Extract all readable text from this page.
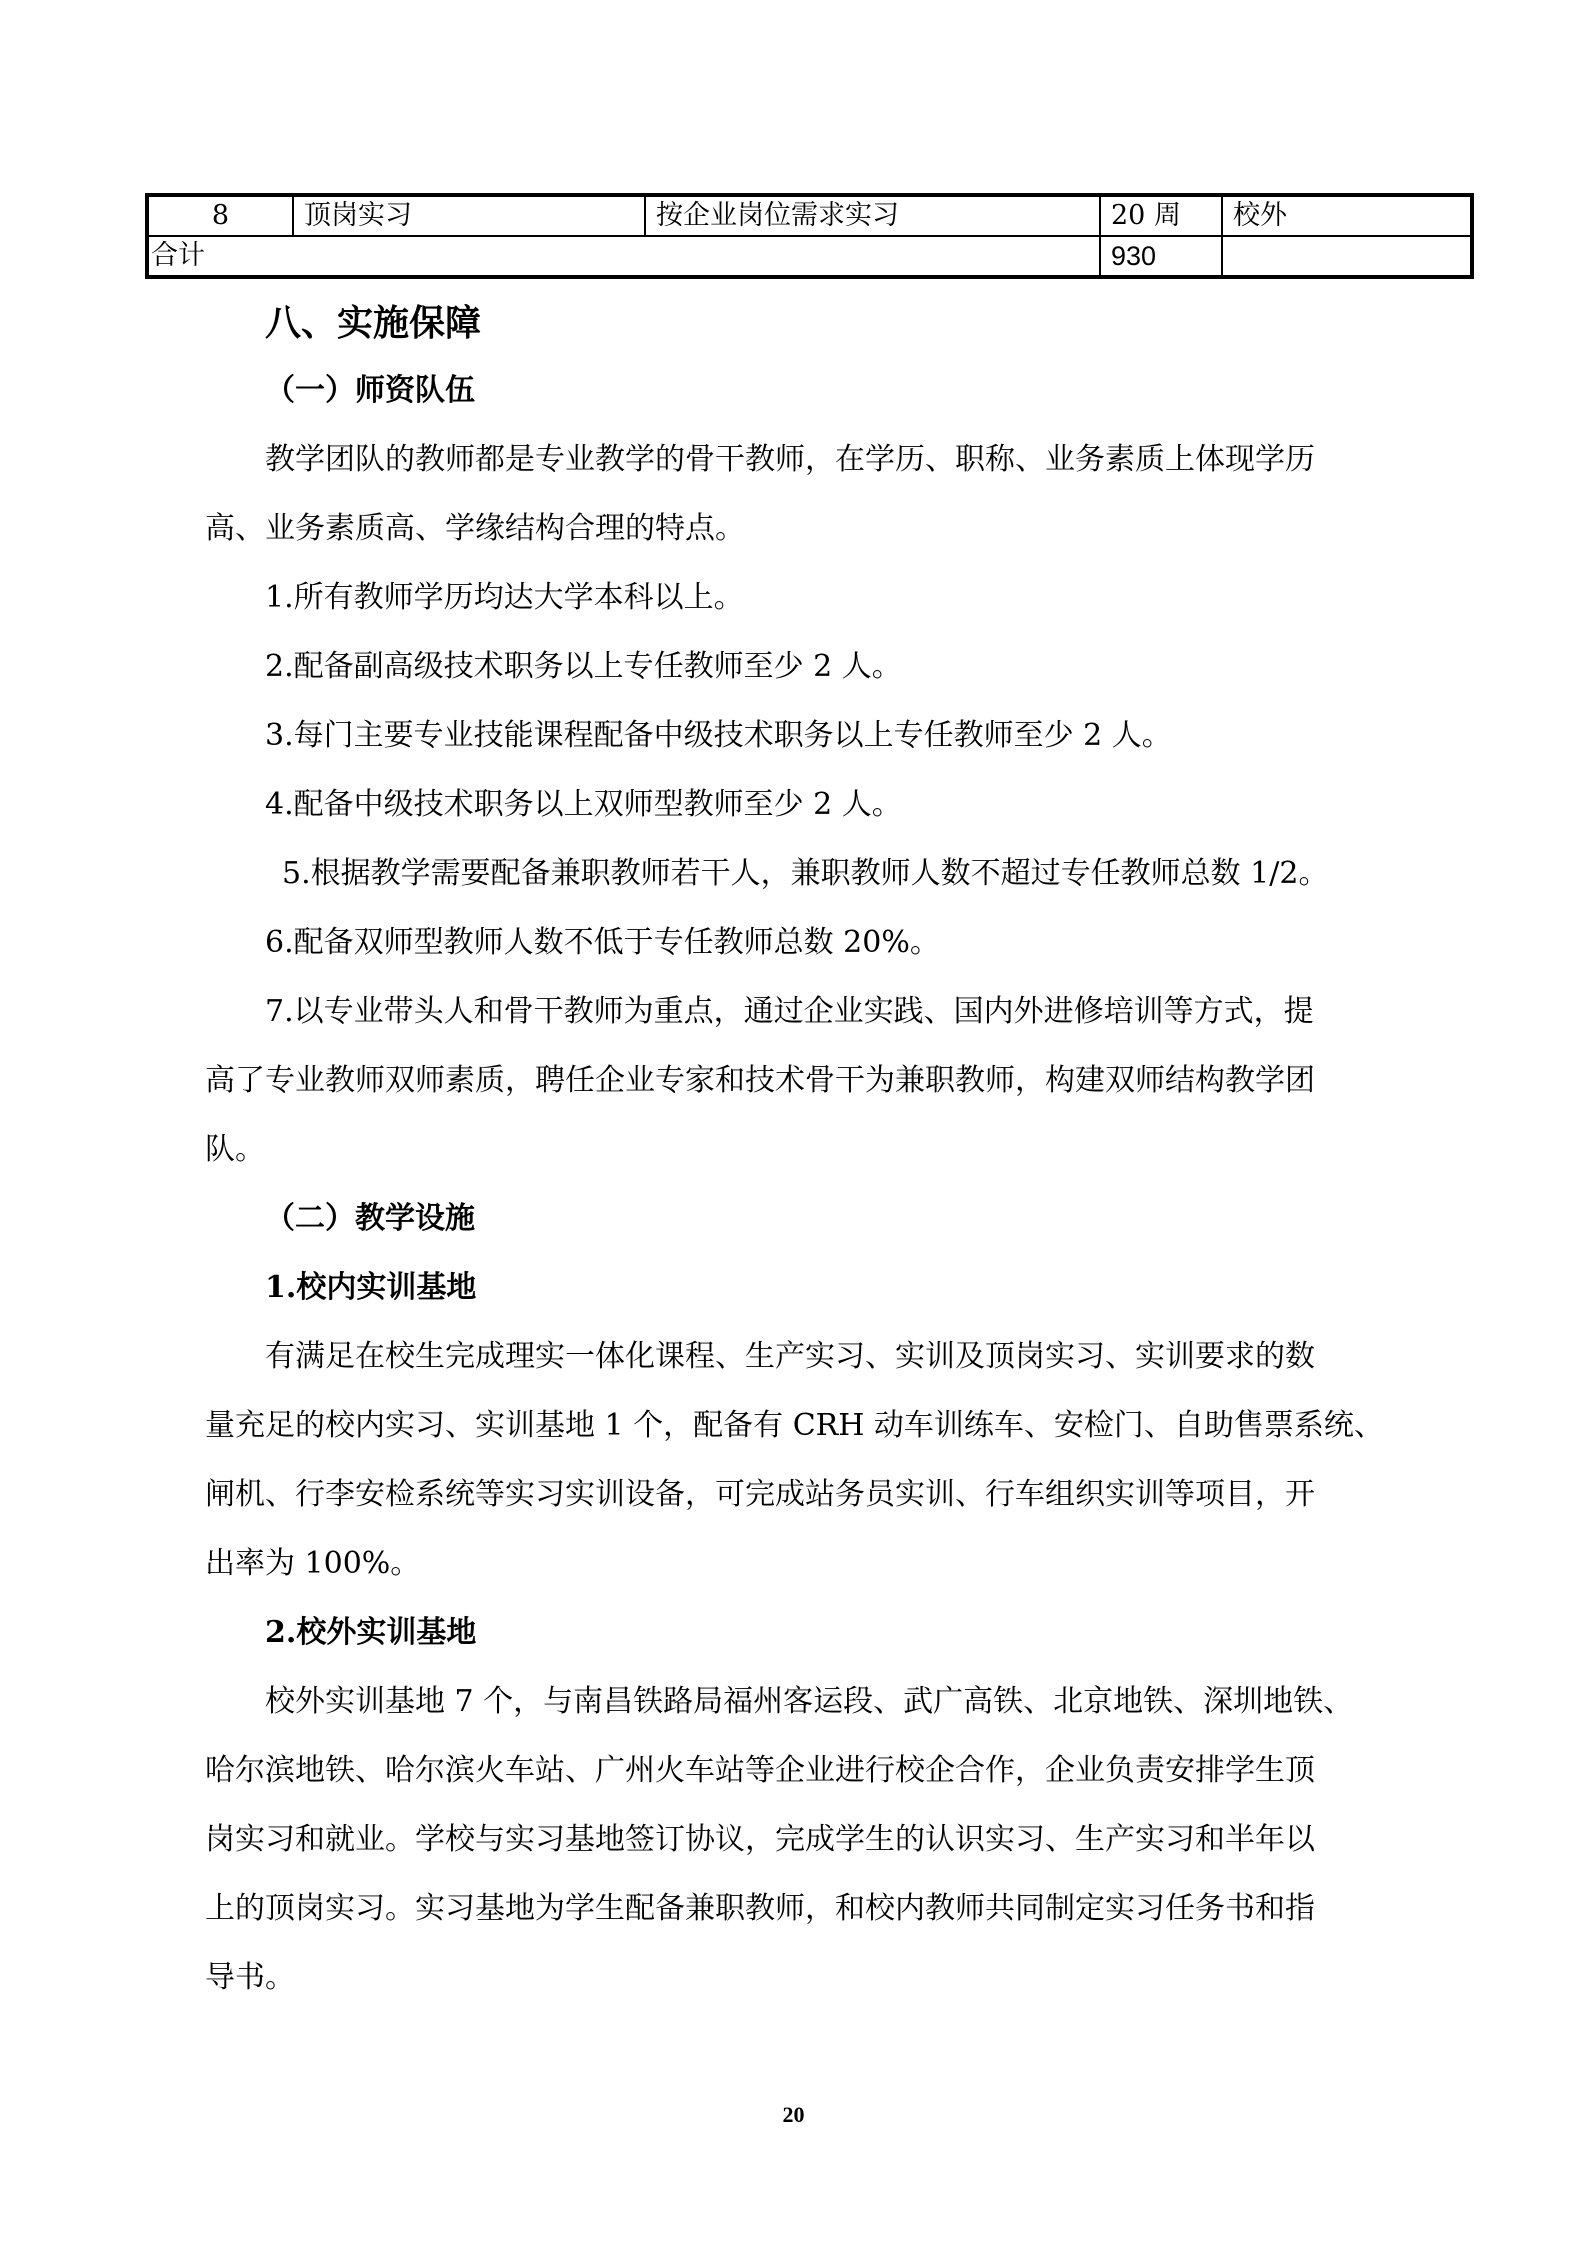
8	顶岗实习	按企业岗位需求实习	20 周	校外
合计			930	
八、实施保障
（一）师资队伍
教学团队的教师都是专业教学的骨干教师，在学历、职称、业务素质上体现学历
高、业务素质高、学缘结构合理的特点。
1.所有教师学历均达大学本科以上。
2.配备副高级技术职务以上专任教师至少 2 人。
3.每门主要专业技能课程配备中级技术职务以上专任教师至少 2 人。
4.配备中级技术职务以上双师型教师至少 2 人。
5.根据教学需要配备兼职教师若干人，兼职教师人数不超过专任教师总数 1/2。
6.配备双师型教师人数不低于专任教师总数 20%。
7.以专业带头人和骨干教师为重点，通过企业实践、国内外进修培训等方式，提
高了专业教师双师素质，聘任企业专家和技术骨干为兼职教师，构建双师结构教学团
队。
（二）教学设施
1.校内实训基地
有满足在校生完成理实一体化课程、生产实习、实训及顶岗实习、实训要求的数
量充足的校内实习、实训基地 1 个，配备有 CRH 动车训练车、安检门、自助售票系统、
闸机、行李安检系统等实习实训设备，可完成站务员实训、行车组织实训等项目，开
出率为 100%。
2.校外实训基地
校外实训基地 7 个，与南昌铁路局福州客运段、武广高铁、北京地铁、深圳地铁、
哈尔滨地铁、哈尔滨火车站、广州火车站等企业进行校企合作，企业负责安排学生顶
岗实习和就业。学校与实习基地签订协议，完成学生的认识实习、生产实习和半年以
上的顶岗实习。实习基地为学生配备兼职教师，和校内教师共同制定实习任务书和指
导书。
20
